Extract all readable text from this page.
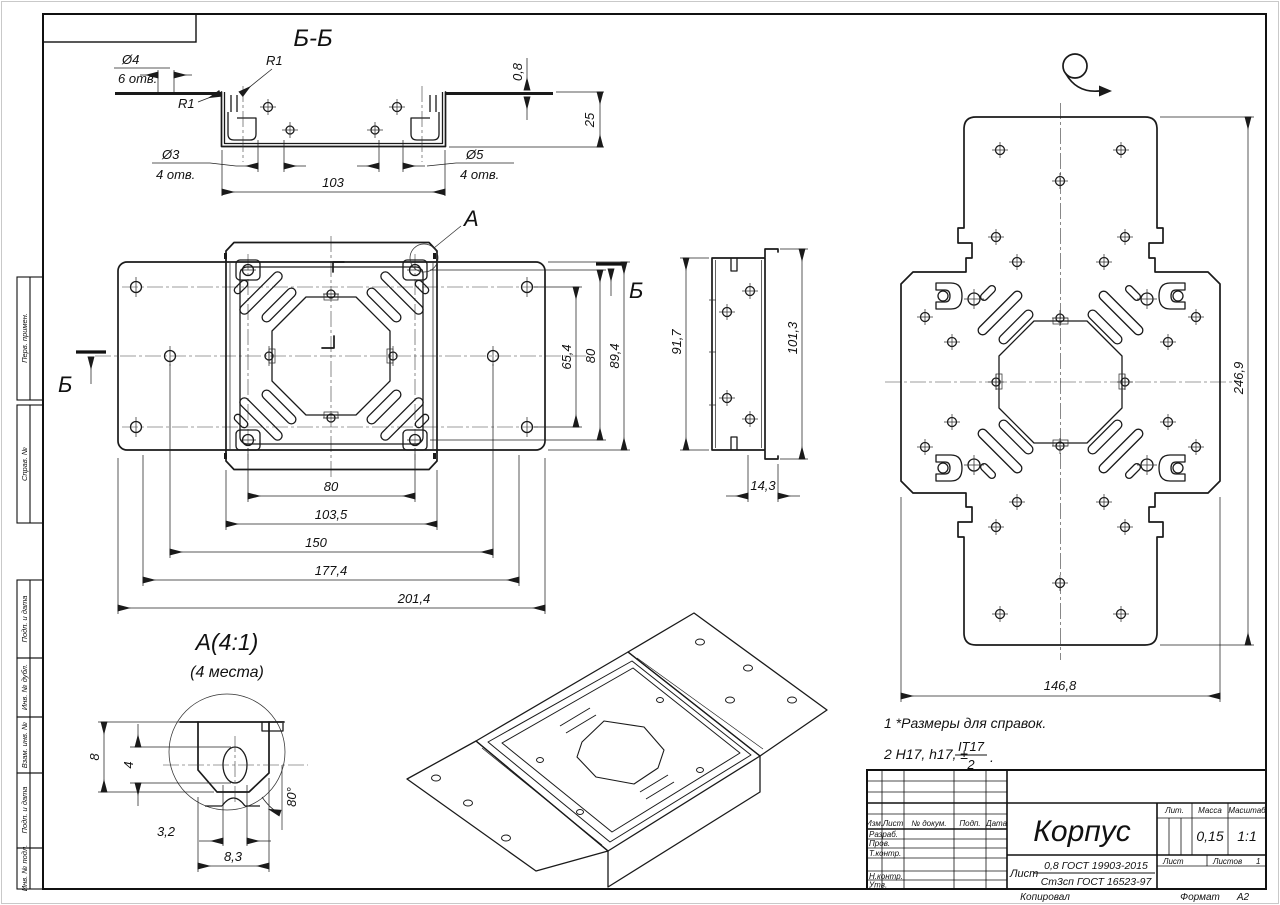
Перв. примен.
Справ. №
Подп. и дата
Инв. № дубл.
Взам. инв. №
Подп. и дата
Инв. № подл.
Копировал	Формат А2
Б-Б
Ø4
6 отв.
R1
R1
Ø3
4 отв.
Ø5
4 отв.
103
0,8
25
А
Б
Б
80
103,5
150
177,4
201,4
65,4 80 89,4
91,7	101,3
14,3
246,9
146,8
А(4:1)
(4 места)
8
4
3,2
8,3
80°
1 *Размеры для справок.
2 Н17, h17, ±
IT17
2 .
Изм. Лист № докум. Подп. Дата
Разраб.
Пров.
Т.контр.
Н.контр.
Утв.
Корпус
Лит. Масса Масштаб
0,15 1:1
Лист	Листов 1
Лист
0,8 ГОСТ 19903-2015
Ст3сп ГОСТ 16523-97
